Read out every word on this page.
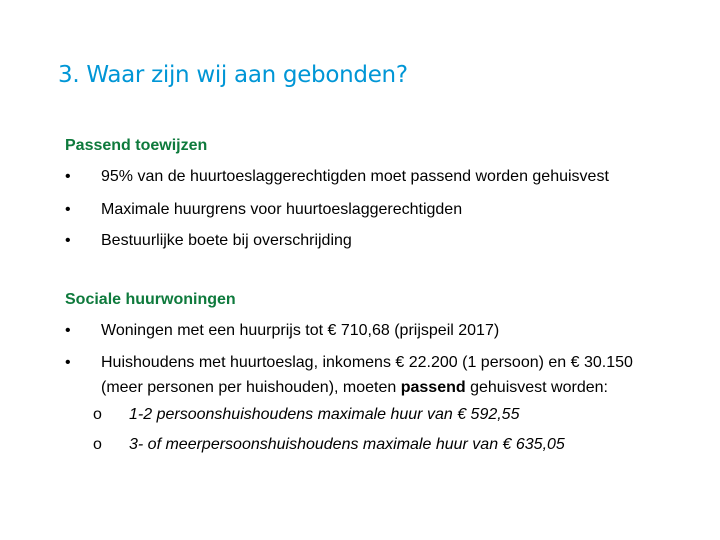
3. Waar zijn wij aan gebonden?
Passend toewijzen
• 95% van de huurtoeslaggerechtigden moet passend worden gehuisvest
• Maximale huurgrens voor huurtoeslaggerechtigden
• Bestuurlijke boete bij overschrijding
Sociale huurwoningen
• Woningen met een huurprijs tot € 710,68 (prijspeil 2017)
• Huishoudens met huurtoeslag, inkomens € 22.200 (1 persoon) en € 30.150
(meer personen per huishouden), moeten passend gehuisvest worden:
o 1-2 persoonshuishoudens maximale huur van € 592,55
o 3- of meerpersoonshuishoudens maximale huur van € 635,05
